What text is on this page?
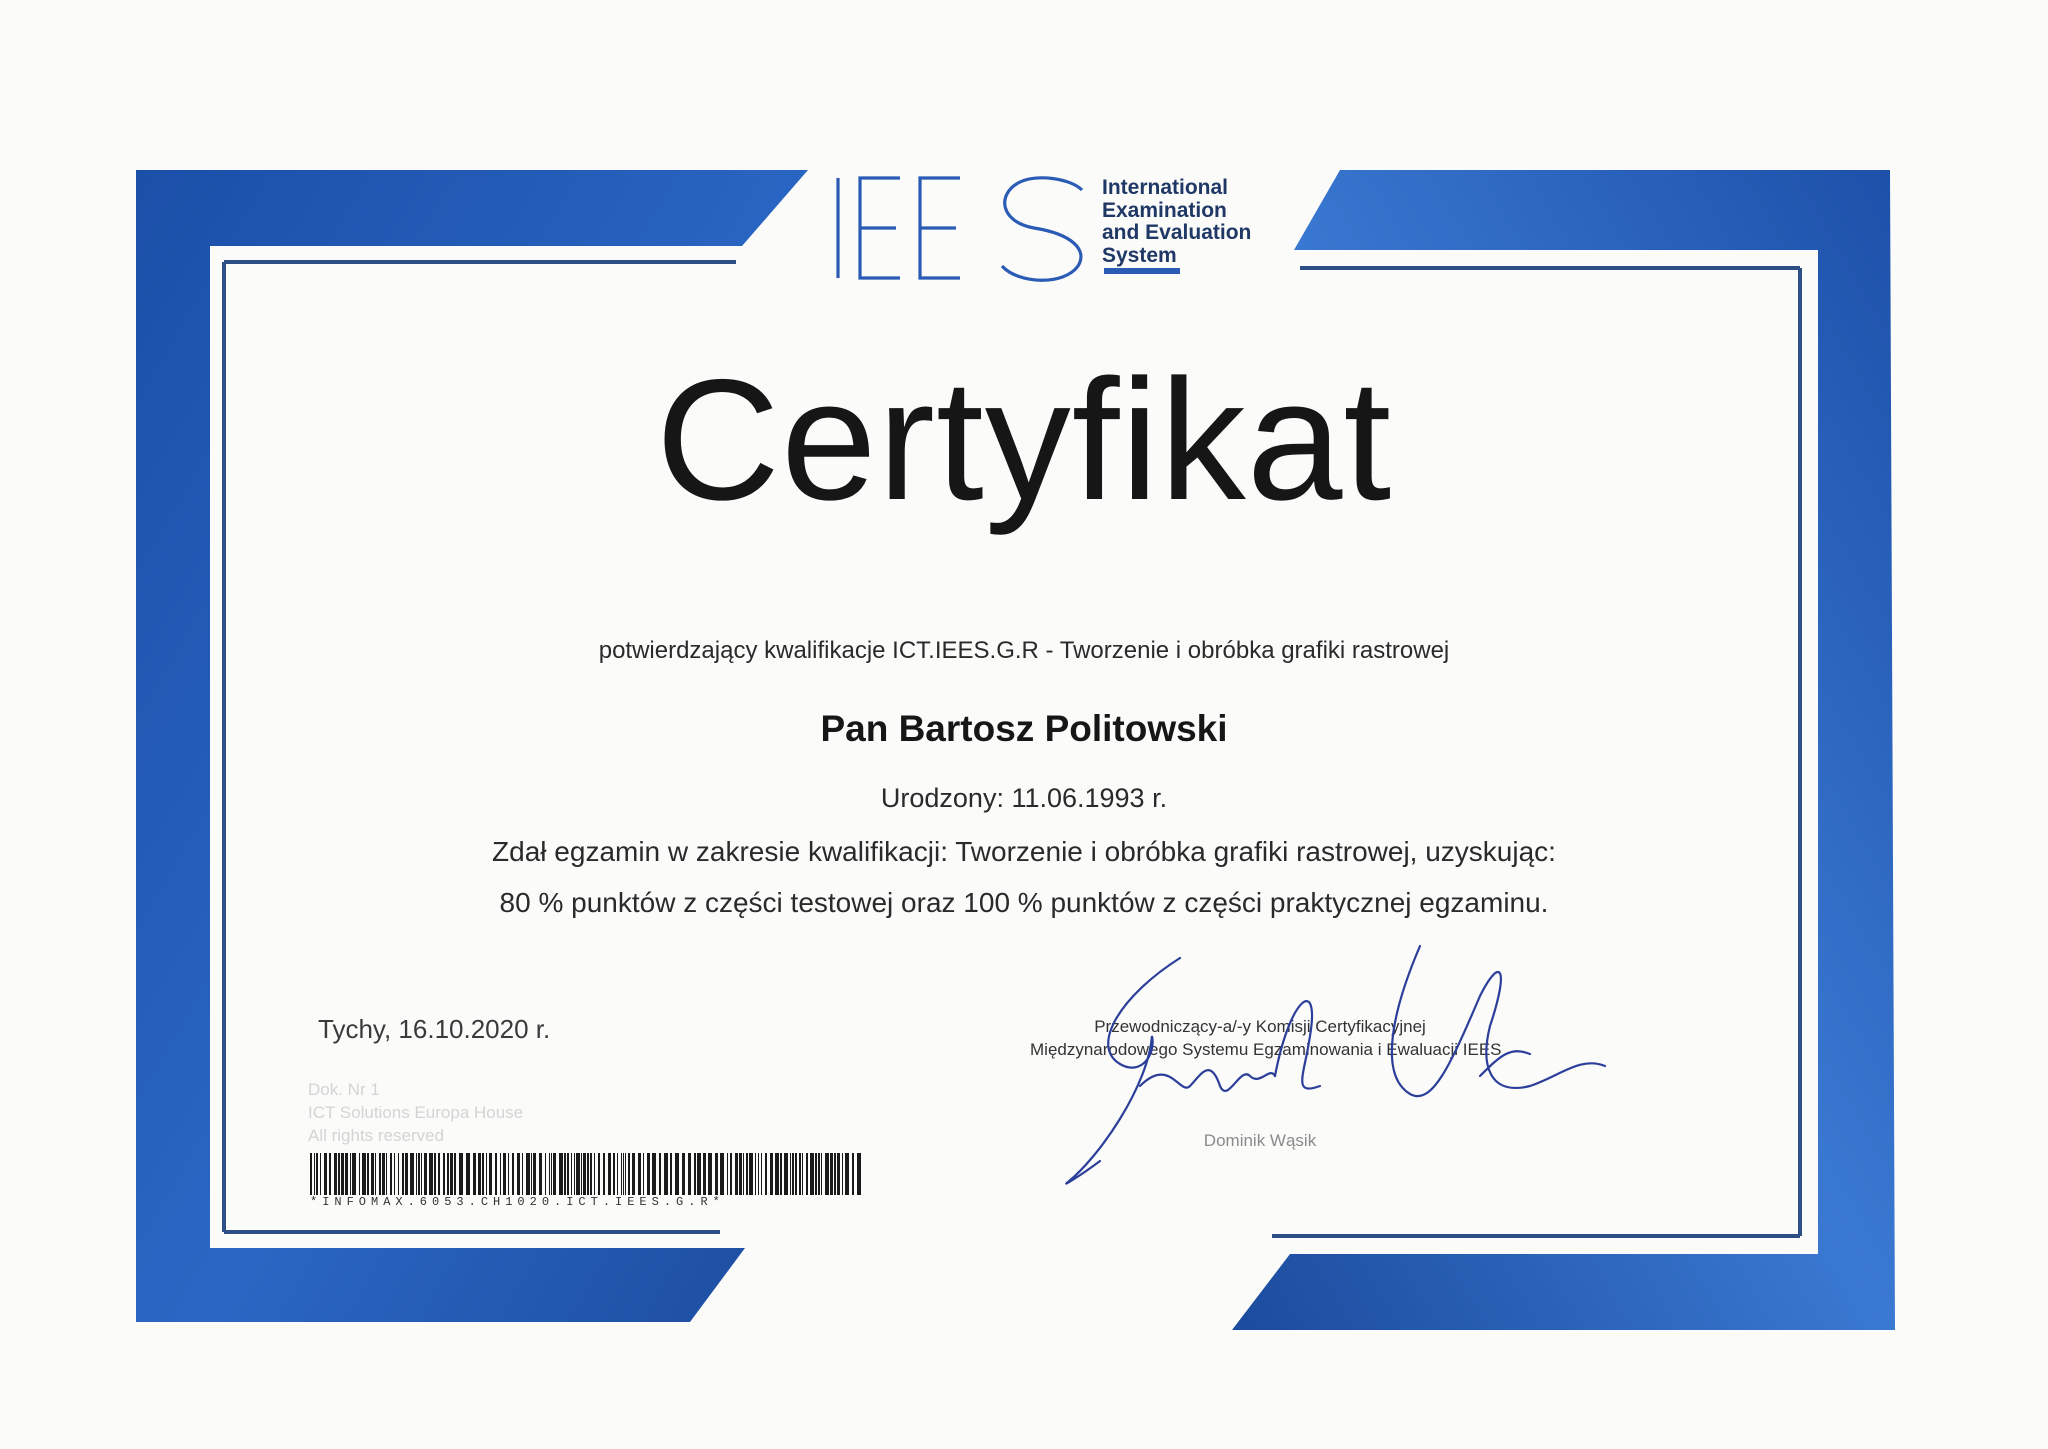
International
Examination
and Evaluation
System
Certyfikat
potwierdzający kwalifikacje ICT.IEES.G.R - Tworzenie i obróbka grafiki rastrowej
Pan Bartosz Politowski
Urodzony: 11.06.1993 r.
Zdał egzamin w zakresie kwalifikacji: Tworzenie i obróbka grafiki rastrowej, uzyskując:
80 % punktów z części testowej oraz 100 % punktów z części praktycznej egzaminu.
Tychy, 16.10.2020 r.
Dok. Nr 1
ICT Solutions Europa House
All rights reserved
*INFOMAX.6053.CH1020.ICT.IEES.G.R*
Przewodniczący-a/-y Komisji Certyfikacyjnej
Międzynarodowego Systemu Egzaminowania i Ewaluacji IEES
Dominik Wąsik
